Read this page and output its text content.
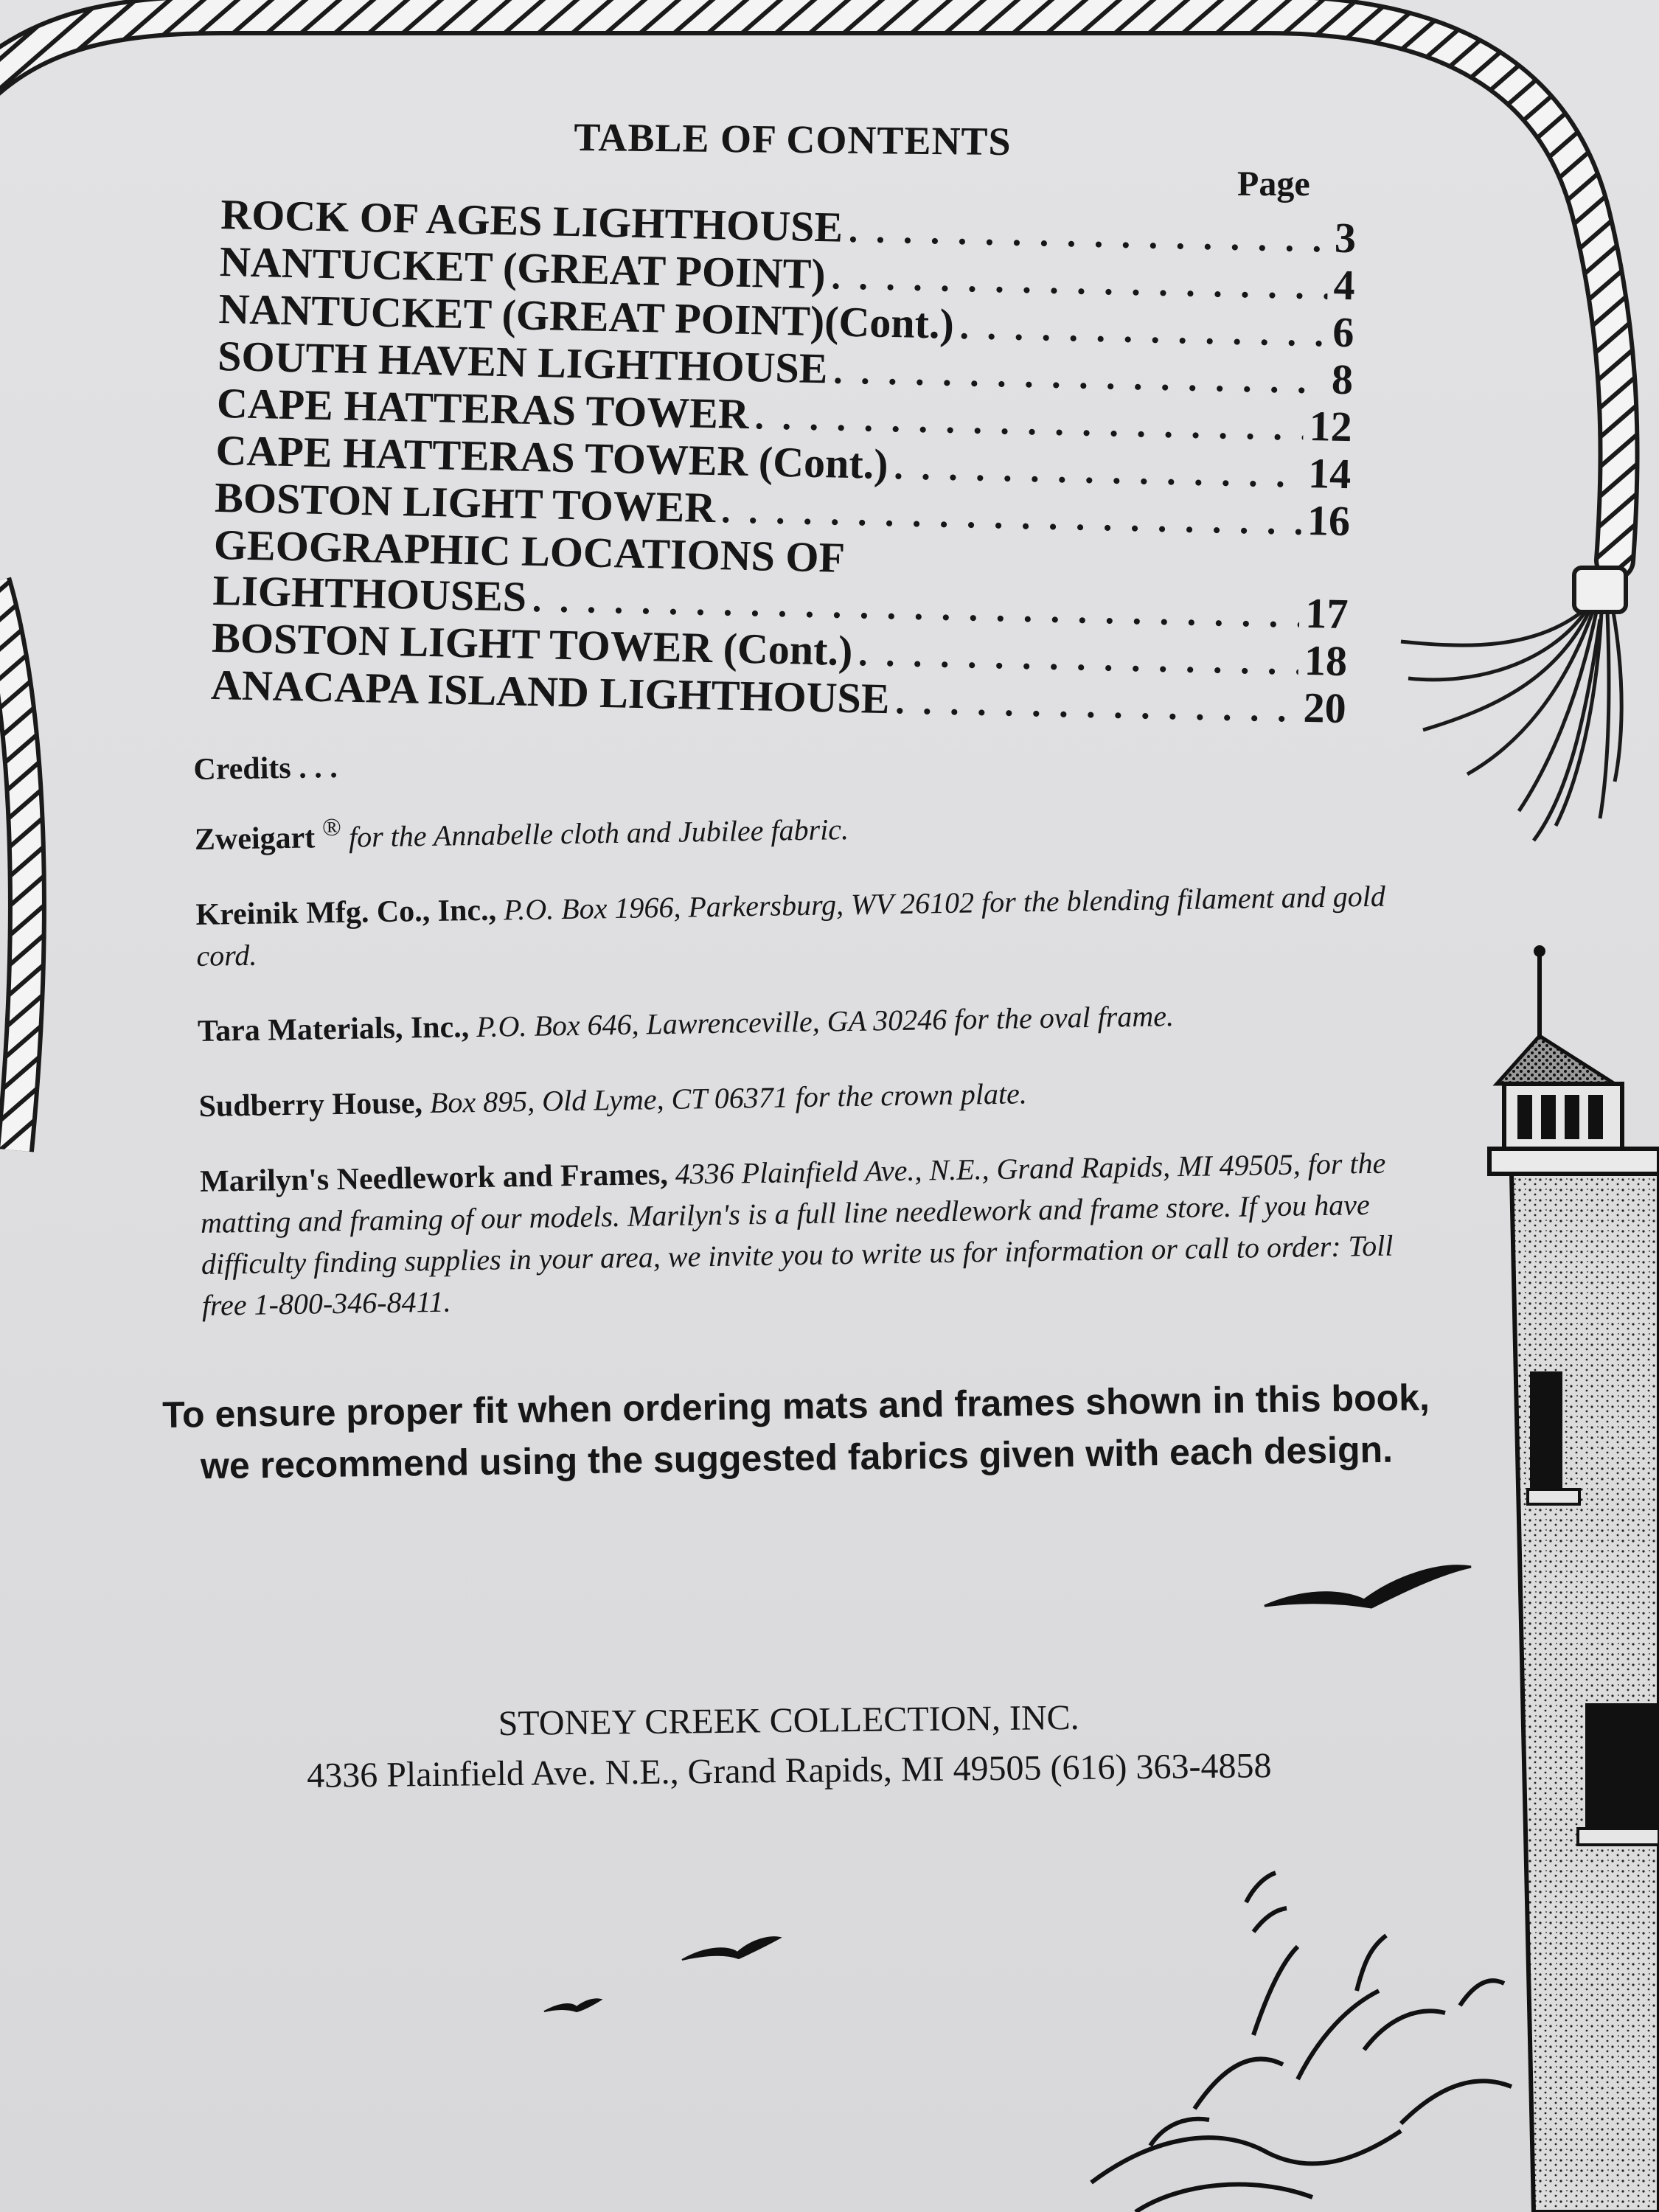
TABLE OF CONTENTS
Page
ROCK OF AGES LIGHTHOUSE . . .	3
NANTUCKET (GREAT POINT) . . .	4
NANTUCKET (GREAT POINT)(Cont.) . . .	6
SOUTH HAVEN LIGHTHOUSE . . .	8
CAPE HATTERAS TOWER . . .	12
CAPE HATTERAS TOWER (Cont.) . . .	14
BOSTON LIGHT TOWER . . .	16
GEOGRAPHIC LOCATIONS OF
LIGHTHOUSES . . .	17
BOSTON LIGHT TOWER (Cont.) . . .	18
ANACAPA ISLAND LIGHTHOUSE . . .	20
Credits . . .
Zweigart ® for the Annabelle cloth and Jubilee fabric.
Kreinik Mfg. Co., Inc., P.O. Box 1966, Parkersburg, WV 26102 for the blending filament and gold cord.
Tara Materials, Inc., P.O. Box 646, Lawrenceville, GA 30246 for the oval frame.
Sudberry House, Box 895, Old Lyme, CT 06371 for the crown plate.
Marilyn's Needlework and Frames, 4336 Plainfield Ave., N.E., Grand Rapids, MI 49505, for the matting and framing of our models. Marilyn's is a full line needlework and frame store. If you have difficulty finding supplies in your area, we invite you to write us for information or call to order: Toll free 1-800-346-8411.
To ensure proper fit when ordering mats and frames shown in this book,
we recommend using the suggested fabrics given with each design.
STONEY CREEK COLLECTION, INC.
4336 Plainfield Ave. N.E., Grand Rapids, MI 49505 (616) 363-4858
